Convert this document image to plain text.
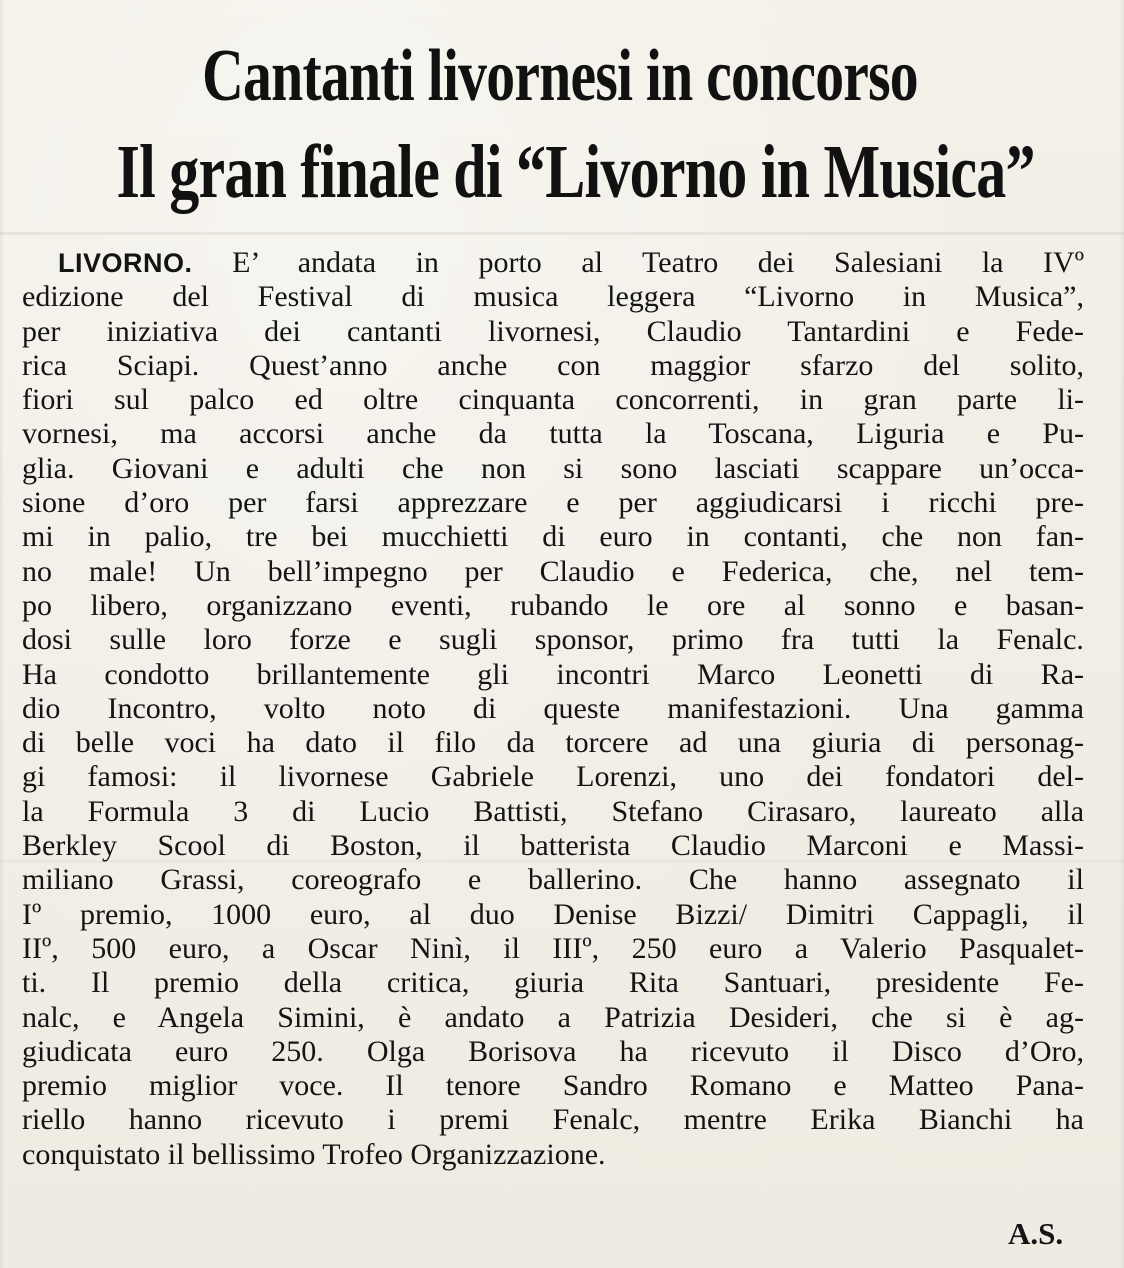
Cantanti livornesi in concorso
Il gran finale di “Livorno in Musica”
LIVORNO. E’ andata in porto al Teatro dei Salesiani la IVº
edizione del Festival di musica leggera “Livorno in Musica”,
per iniziativa dei cantanti livornesi, Claudio Tantardini e Fede-
rica Sciapi. Quest’anno anche con maggior sfarzo del solito,
fiori sul palco ed oltre cinquanta concorrenti, in gran parte li-
vornesi, ma accorsi anche da tutta la Toscana, Liguria e Pu-
glia. Giovani e adulti che non si sono lasciati scappare un’occa-
sione d’oro per farsi apprezzare e per aggiudicarsi i ricchi pre-
mi in palio, tre bei mucchietti di euro in contanti, che non fan-
no male! Un bell’impegno per Claudio e Federica, che, nel tem-
po libero, organizzano eventi, rubando le ore al sonno e basan-
dosi sulle loro forze e sugli sponsor, primo fra tutti la Fenalc.
Ha condotto brillantemente gli incontri Marco Leonetti di Ra-
dio Incontro, volto noto di queste manifestazioni. Una gamma
di belle voci ha dato il filo da torcere ad una giuria di personag-
gi famosi: il livornese Gabriele Lorenzi, uno dei fondatori del-
la Formula 3 di Lucio Battisti, Stefano Cirasaro, laureato alla
Berkley Scool di Boston, il batterista Claudio Marconi e Massi-
miliano Grassi, coreografo e ballerino. Che hanno assegnato il
Iº premio, 1000 euro, al duo Denise Bizzi/ Dimitri Cappagli, il
IIº, 500 euro, a Oscar Ninì, il IIIº, 250 euro a Valerio Pasqualet-
ti. Il premio della critica, giuria Rita Santuari, presidente Fe-
nalc, e Angela Simini, è andato a Patrizia Desideri, che si è ag-
giudicata euro 250. Olga Borisova ha ricevuto il Disco d’Oro,
premio miglior voce. Il tenore Sandro Romano e Matteo Pana-
riello hanno ricevuto i premi Fenalc, mentre Erika Bianchi ha
conquistato il bellissimo Trofeo Organizzazione.

A.S.
